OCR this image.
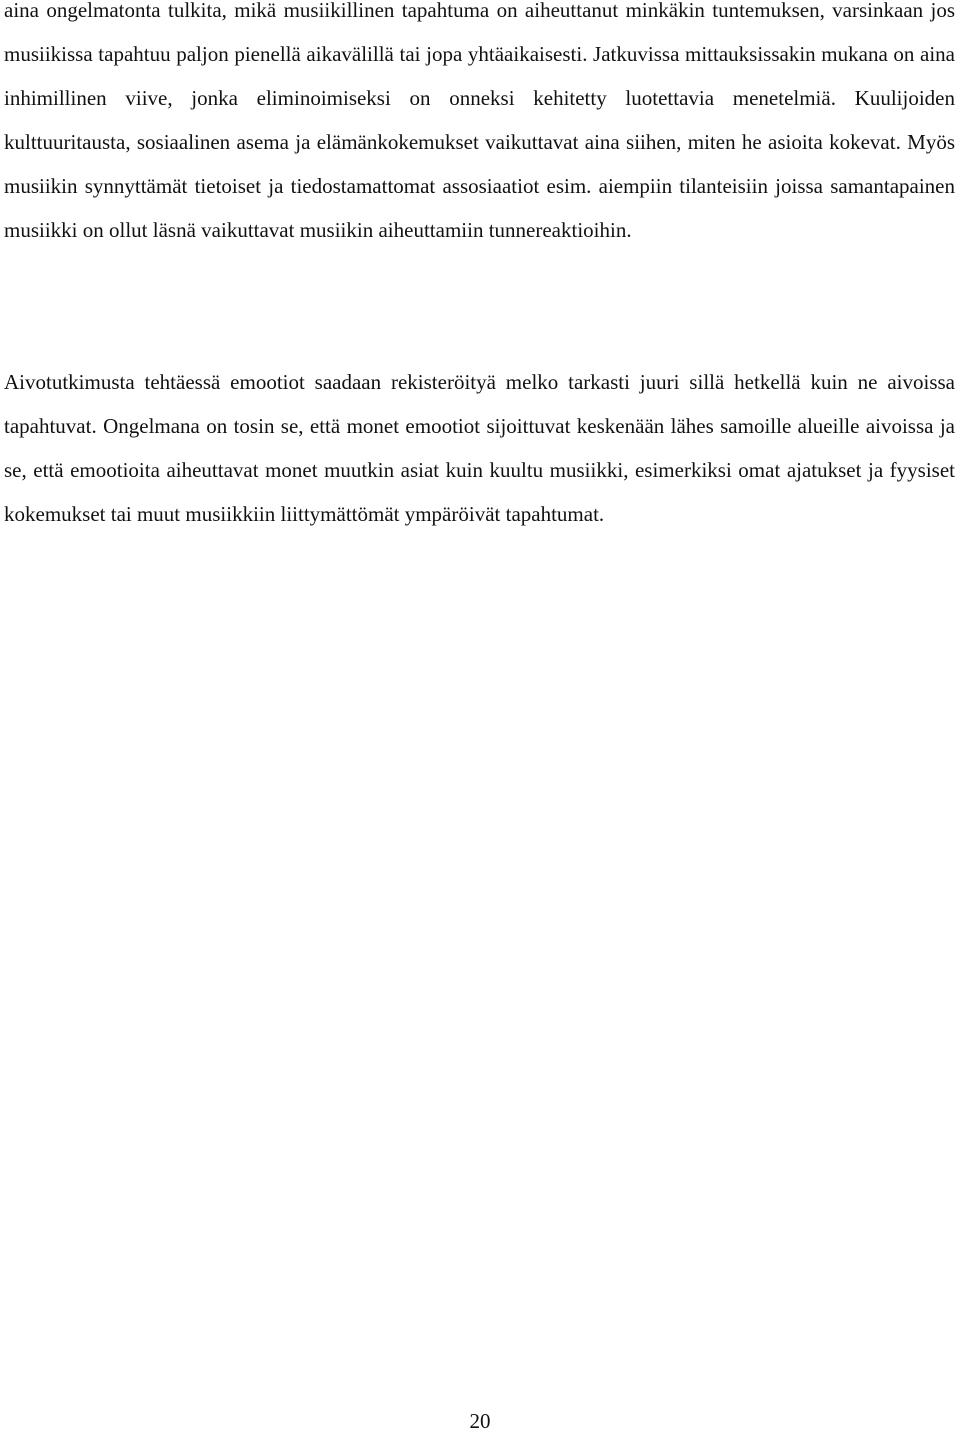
aina ongelmatonta tulkita, mikä musiikillinen tapahtuma on aiheuttanut minkäkin tuntemuksen, varsinkaan jos musiikissa tapahtuu paljon pienellä aikavälillä tai jopa yhtäaikaisesti. Jatkuvissa mittauksissakin mukana on aina inhimillinen viive, jonka eliminoimiseksi on onneksi kehitetty luotettavia menetelmiä. Kuulijoiden kulttuuritausta, sosiaalinen asema ja elämänkokemukset vaikuttavat aina siihen, miten he asioita kokevat. Myös musiikin synnyttämät tietoiset ja tiedostamattomat assosiaatiot esim. aiempiin tilanteisiin joissa samantapainen musiikki on ollut läsnä vaikuttavat musiikin aiheuttamiin tunnereaktioihin.

Aivotutkimusta tehtäessä emootiot saadaan rekisteröityä melko tarkasti juuri sillä hetkellä kuin ne aivoissa tapahtuvat. Ongelmana on tosin se, että monet emootiot sijoittuvat keskenään lähes samoille alueille aivoissa ja se, että emootioita aiheuttavat monet muutkin asiat kuin kuultu musiikki, esimerkiksi omat ajatukset ja fyysiset kokemukset tai muut musiikkiin liittymättömät ympäröivät tapahtumat.

20
